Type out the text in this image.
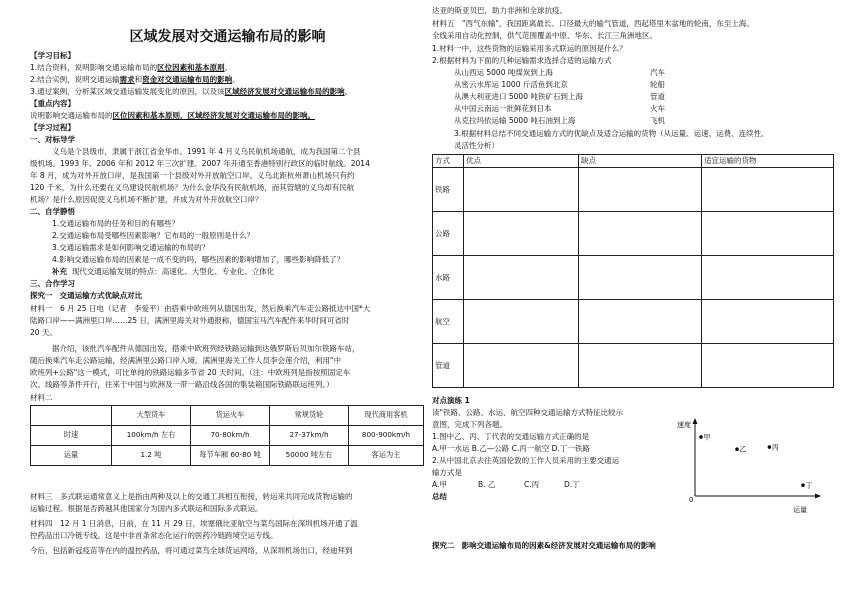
区域发展对交通运输布局的影响
【学习目标】
1.结合资料，说明影响交通运输布局的区位因素和基本原则。
2.结合实例，说明交通运输需求和资金对交通运输布局的影响。
3.通过案例，分析某区域交通运输发展变化的原因，以及该区域经济发展对交通运输布局的影响。
【重点内容】
说明影响交通运输布局的区位因素和基本原则，区域经济发展对交通运输布局的影响。
【学习过程】
一、对标导学
义乌是个县级市，隶属于浙江省金华市。1991 年 4 月义乌民航机场通航，成为我国第二个县
级机场。1993 年、2006 年和 2012 年三次扩建。2007 年开通至香港特别行政区的临时航线。2014
年 8 月，成为对外开放口岸，是我国第一个县级对外开放航空口岸。义乌北距杭州萧山机场只有约
120 千米，为什么还要在义乌建设民航机场？为什么金华没有民航机场，而其管辖的义乌却有民航
机场？是什么原因促使义乌机场不断扩建，并成为对外开放航空口岸？
二、自学静悟
1.交通运输布局的任务和目的有哪些？
2.交通运输布局受哪些因素影响？它布局的一般原则是什么？
3.交通运输需求是如何影响交通运输的布局的？
4.影响交通运输布局的因素是一成不变的吗，哪些因素的影响增加了，哪些影响降低了？
补充 现代交通运输发展的特点：高速化、大型化、专业化、立体化
三、合作学习
探究一 交通运输方式优缺点对比
材料一　6 月 25 日电（记者　李爱平）由搭乘中欧班列从德国出发，然后换乘汽车走公路抵达中国*大
陆路口岸——满洲里口岸……25 日，满洲里海关对外通报称，德国宝马汽车配件来华时间可省时
20 天。
据介绍，该批汽车配件从德国出发，搭乘中欧班列经铁路运输到达俄罗斯后贝加尔铁路车站，
随后换乘汽车走公路运输，经满洲里公路口岸入境。满洲里海关工作人员李会莲介绍，利用"中
欧班列+公路"这一模式，可比单纯的铁路运输多节省 20 天时间。（注：中欧班列是指按照固定车
次、线路等条件开行，往来于中国与欧洲及一带一路沿线各国的集装箱国际铁路联运班列。）
材料二
	大型货车	货运火车	常规货轮	现代商用客机
时速	100km/h 左右	70-80km/h	27-37km/h	800-900km/h
运量	1.2 吨	每节车厢 60-80 吨	50000 吨左右	客运为主
材料三　多式联运通常意义上是指由两种及以上的交通工具相互衔接，转运来共同完成货物运输的
运输过程。根据是否跨越其他国家分为国内多式联运和国际多式联运。
材料四　12 月 1 日消息，日前，在 11 月 29 日，埃塞俄比亚航空与菜鸟国际在深圳机场开通了温
控药品出口冷链专线。这是中非首条常态化运行的医药冷链跨境空运专线。
今后，包括新冠疫苗等在内的温控药品，将可通过菜鸟全球货运网络，从深圳机场出口，经迪拜到
达亚的斯亚贝巴，助力非洲和全球抗疫。
材料五　"西气东输"，我国距离最长、口径最大的输气管道，西起塔里木盆地的轮南，东至上海。
全线采用自动化控制，供气范围覆盖中原、华东、长江三角洲地区。
1.材料一中，这些货物的运输采用多式联运的原因是什么？
2.根据材料为下面的几种运输需求选择合适的运输方式
从山西运 5000 吨煤炭到上海	汽车
从密云水库运 1000 斤活鱼到北京	轮船
从澳大利亚进口 5000 吨铁矿石到上海	管道
从中国云南运一批鲜花到日本	火车
从克拉玛依运输 5000 吨石油到上海	飞机
3.根据材料总结不同交通运输方式的优缺点及适合运输的货物（从运量、运速、运费、连续性、
灵活性分析）
方式	优点	缺点	适宜运输的货物
铁路			
公路			
水路			
航空			
管道			
对点演练 1
读"铁路、公路、水运、航空四种交通运输方式特征比较示
意图，完成下列各题。
1.图中乙、丙、丁代表的交通运输方式正确的是
A.甲一水运 B.乙—公路 C.丙一航空 D.丁一铁路
2.从中国北京去往英国伦敦的工作人员采用的主要交通运
输方式是
A.甲	B. 乙	C.丙	D.丁
总结
探究二 影响交通运输布局的因素&经济发展对交通运输布局的影响
速度
运量
0
甲
乙	丙
丁
